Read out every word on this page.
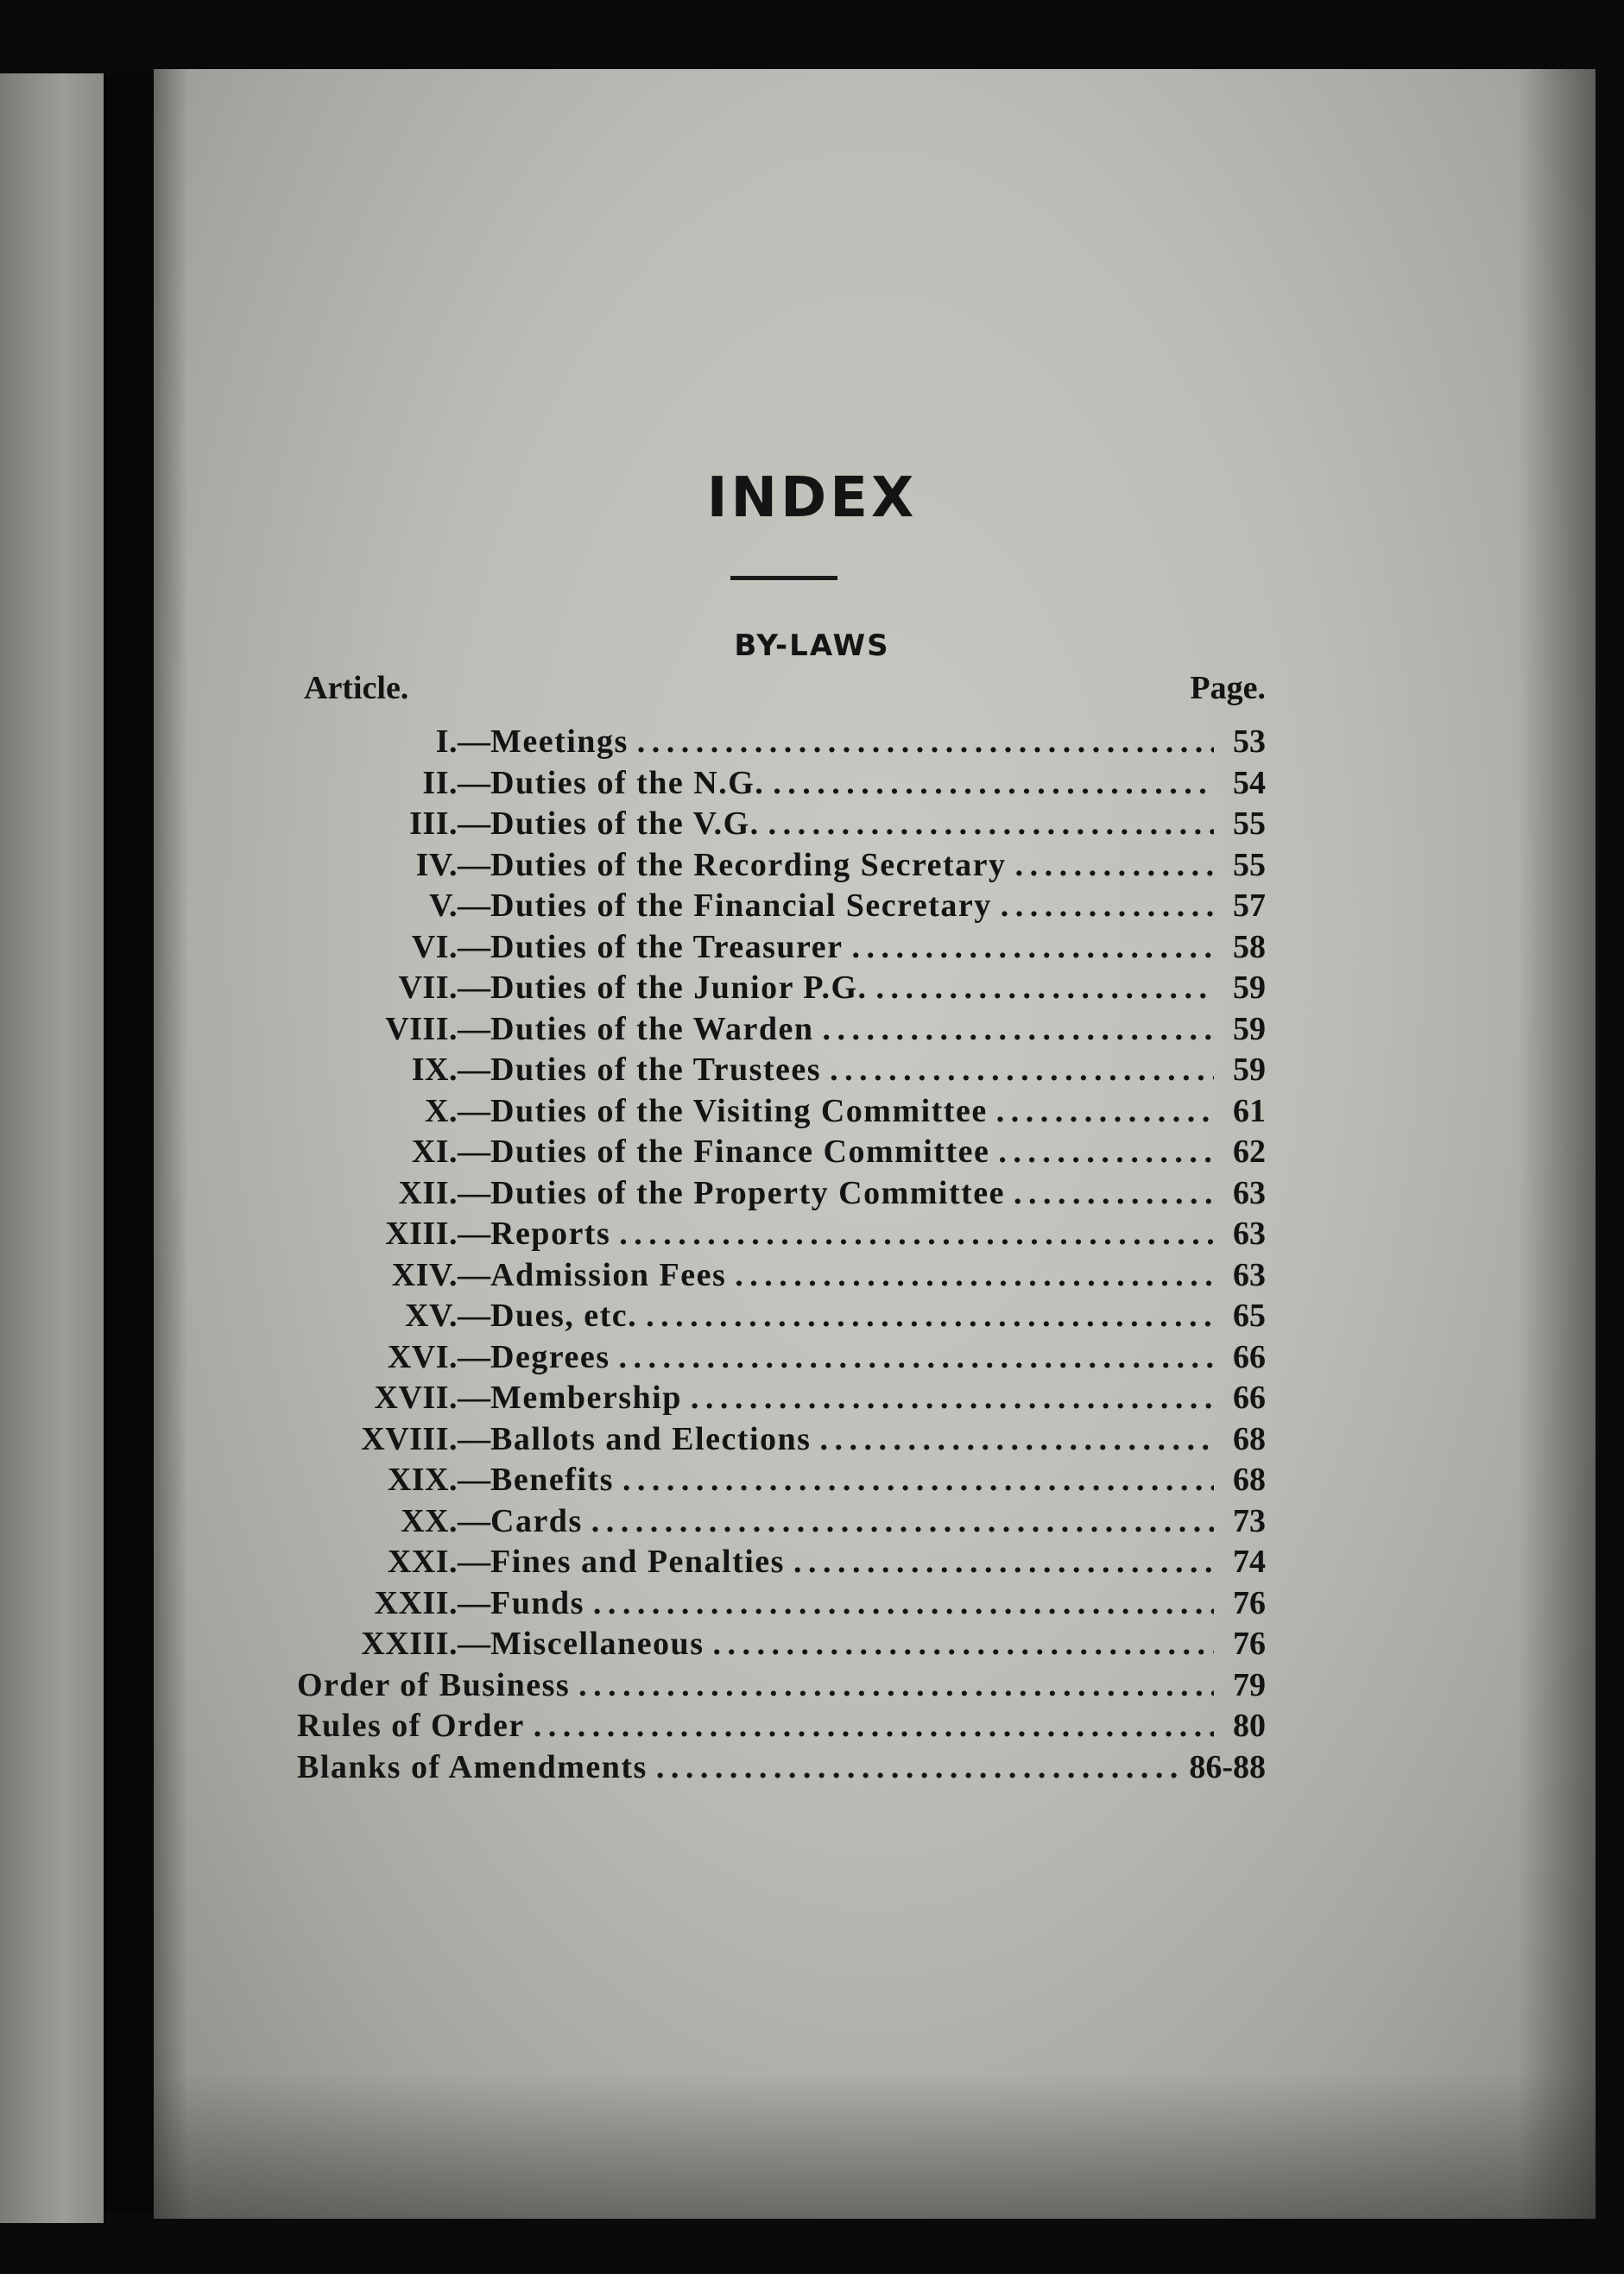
INDEX
BY-LAWS
Article.	Page.
I. — Meetings . . .	53
II. — Duties of the N.G. . . .	54
III. — Duties of the V.G. . . .	55
IV. — Duties of the Recording Secretary . . .	55
V. — Duties of the Financial Secretary . . .	57
VI. — Duties of the Treasurer . . .	58
VII. — Duties of the Junior P.G. . . .	59
VIII. — Duties of the Warden . . .	59
IX. — Duties of the Trustees . . .	59
X. — Duties of the Visiting Committee . . .	61
XI. — Duties of the Finance Committee . . .	62
XII. — Duties of the Property Committee . . .	63
XIII. — Reports . . .	63
XIV. — Admission Fees . . .	63
XV. — Dues, etc. . . .	65
XVI. — Degrees . . .	66
XVII. — Membership . . .	66
XVIII. — Ballots and Elections . . .	68
XIX. — Benefits . . .	68
XX. — Cards . . .	73
XXI. — Fines and Penalties . . .	74
XXII. — Funds . . .	76
XXIII. — Miscellaneous . . .	76
Order of Business . . .	79
Rules of Order . . .	80
Blanks of Amendments . . .	86-88
